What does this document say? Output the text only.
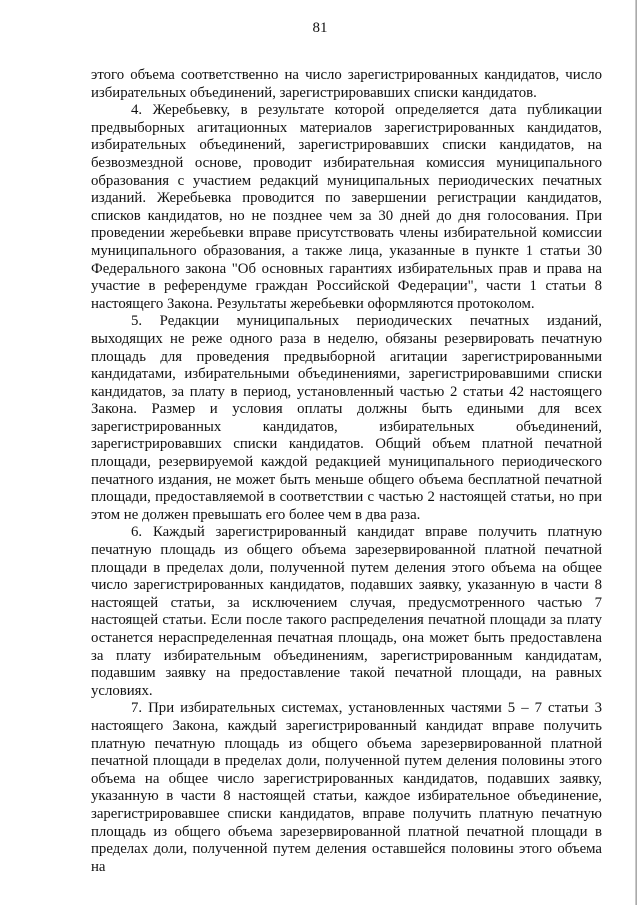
81

этого объема соответственно на число зарегистрированных кандидатов, число избирательных объединений, зарегистрировавших списки кандидатов.

4. Жеребьевку, в результате которой определяется дата публикации предвыборных агитационных материалов зарегистрированных кандидатов, избирательных объединений, зарегистрировавших списки кандидатов, на безвозмездной основе, проводит избирательная комиссия муниципального образования с участием редакций муниципальных периодических печатных изданий. Жеребьевка проводится по завершении регистрации кандидатов, списков кандидатов, но не позднее чем за 30 дней до дня голосования. При проведении жеребьевки вправе присутствовать члены избирательной комиссии муниципального образования, а также лица, указанные в пункте 1 статьи 30 Федерального закона "Об основных гарантиях избирательных прав и права на участие в референдуме граждан Российской Федерации", части 1 статьи 8 настоящего Закона. Результаты жеребьевки оформляются протоколом.

5. Редакции муниципальных периодических печатных изданий, выходящих не реже одного раза в неделю, обязаны резервировать печатную площадь для проведения предвыборной агитации зарегистрированными кандидатами, избирательными объединениями, зарегистрировавшими списки кандидатов, за плату в период, установленный частью 2 статьи 42 настоящего Закона. Размер и условия оплаты должны быть едиными для всех зарегистрированных кандидатов, избирательных объединений, зарегистрировавших списки кандидатов. Общий объем платной печатной площади, резервируемой каждой редакцией муниципального периодического печатного издания, не может быть меньше общего объема бесплатной печатной площади, предоставляемой в соответствии с частью 2 настоящей статьи, но при этом не должен превышать его более чем в два раза.

6. Каждый зарегистрированный кандидат вправе получить платную печатную площадь из общего объема зарезервированной платной печатной площади в пределах доли, полученной путем деления этого объема на общее число зарегистрированных кандидатов, подавших заявку, указанную в части 8 настоящей статьи, за исключением случая, предусмотренного частью 7 настоящей статьи. Если после такого распределения печатной площади за плату останется нераспределенная печатная площадь, она может быть предоставлена за плату избирательным объединениям, зарегистрированным кандидатам, подавшим заявку на предоставление такой печатной площади, на равных условиях.

7. При избирательных системах, установленных частями 5 – 7 статьи 3 настоящего Закона, каждый зарегистрированный кандидат вправе получить платную печатную площадь из общего объема зарезервированной платной печатной площади в пределах доли, полученной путем деления половины этого объема на общее число зарегистрированных кандидатов, подавших заявку, указанную в части 8 настоящей статьи, каждое избирательное объединение, зарегистрировавшее списки кандидатов, вправе получить платную печатную площадь из общего объема зарезервированной платной печатной площади в пределах доли, полученной путем деления оставшейся половины этого объема на
